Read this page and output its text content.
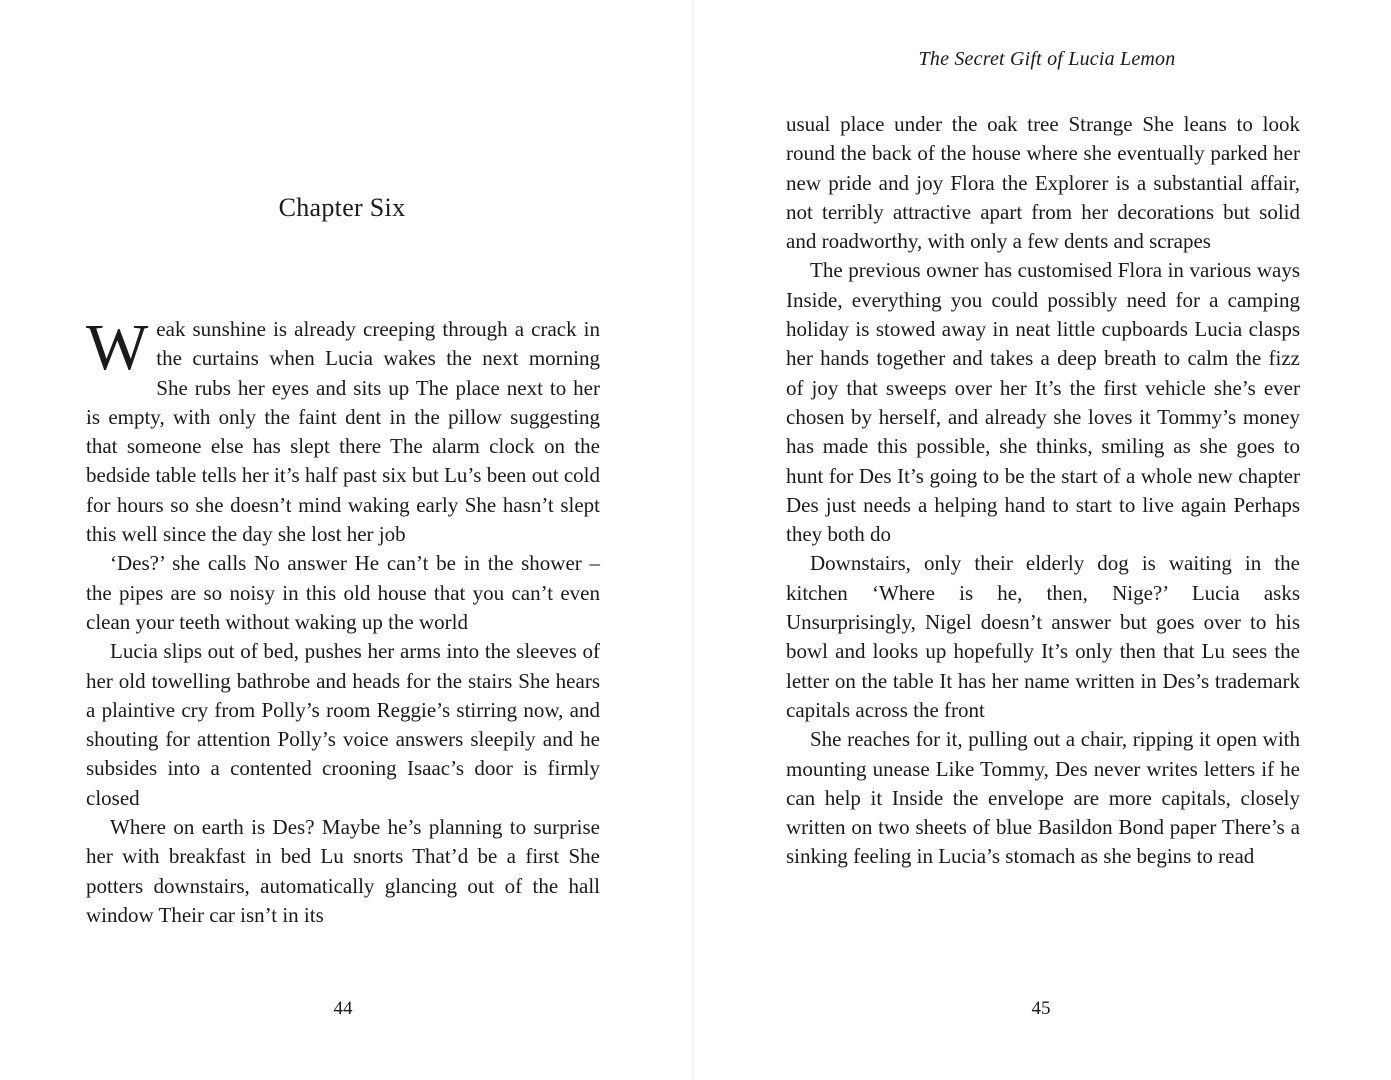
Chapter Six

Weak sunshine is already creeping through a crack in the curtains when Lucia wakes the next morning She rubs her eyes and sits up The place next to her is empty, with only the faint dent in the pillow suggesting that someone else has slept there The alarm clock on the bedside table tells her it’s half past six but Lu’s been out cold for hours so she doesn’t mind waking early She hasn’t slept this well since the day she lost her job

‘Des?’ she calls No answer He can’t be in the shower – the pipes are so noisy in this old house that you can’t even clean your teeth without waking up the world

Lucia slips out of bed, pushes her arms into the sleeves of her old towelling bathrobe and heads for the stairs She hears a plaintive cry from Polly’s room Reggie’s stirring now, and shouting for attention Polly’s voice answers sleepily and he subsides into a contented crooning Isaac’s door is firmly closed

Where on earth is Des? Maybe he’s planning to surprise her with breakfast in bed Lu snorts That’d be a first She potters downstairs, automatically glancing out of the hall window Their car isn’t in its

44
The Secret Gift of Lucia Lemon

usual place under the oak tree Strange She leans to look round the back of the house where she eventually parked her new pride and joy Flora the Explorer is a substantial affair, not terribly attractive apart from her decorations but solid and roadworthy, with only a few dents and scrapes

The previous owner has customised Flora in various ways Inside, everything you could possibly need for a camping holiday is stowed away in neat little cupboards Lucia clasps her hands together and takes a deep breath to calm the fizz of joy that sweeps over her It’s the first vehicle she’s ever chosen by herself, and already she loves it Tommy’s money has made this possible, she thinks, smiling as she goes to hunt for Des It’s going to be the start of a whole new chapter Des just needs a helping hand to start to live again Perhaps they both do

Downstairs, only their elderly dog is waiting in the kitchen ‘Where is he, then, Nige?’ Lucia asks Unsurprisingly, Nigel doesn’t answer but goes over to his bowl and looks up hopefully It’s only then that Lu sees the letter on the table It has her name written in Des’s trademark capitals across the front

She reaches for it, pulling out a chair, ripping it open with mounting unease Like Tommy, Des never writes letters if he can help it Inside the envelope are more capitals, closely written on two sheets of blue Basildon Bond paper There’s a sinking feeling in Lucia’s stomach as she begins to read

45
